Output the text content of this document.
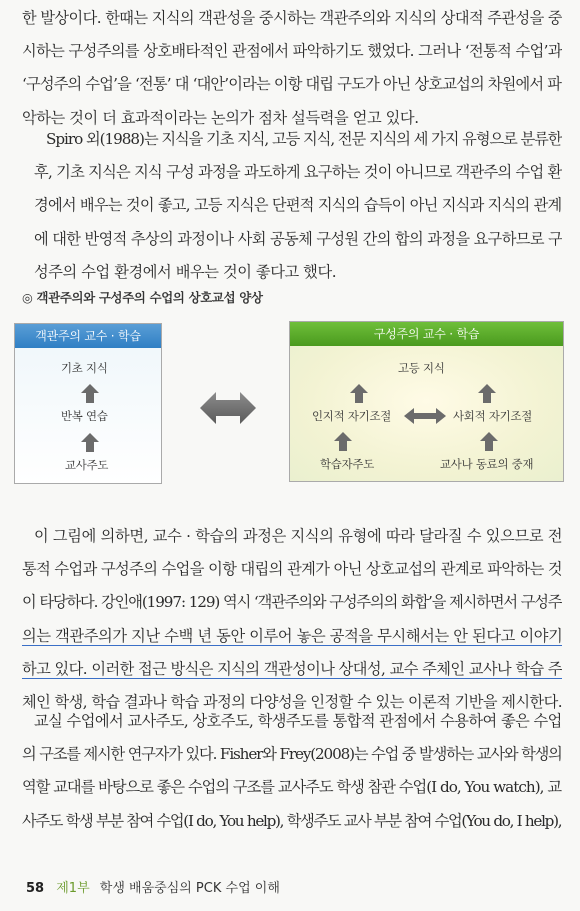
한 발상이다. 한때는 지식의 객관성을 중시하는 객관주의와 지식의 상대적 주관성을 중
시하는 구성주의를 상호배타적인 관점에서 파악하기도 했었다. 그러나 ‘전통적 수업’과
‘구성주의 수업’을 ‘전통’ 대 ‘대안’이라는 이항 대립 구도가 아닌 상호교섭의 차원에서 파
악하는 것이 더 효과적이라는 논의가 점차 설득력을 얻고 있다.
Spiro 외(1988)는 지식을 기초 지식, 고등 지식, 전문 지식의 세 가지 유형으로 분류한
후, 기초 지식은 지식 구성 과정을 과도하게 요구하는 것이 아니므로 객관주의 수업 환
경에서 배우는 것이 좋고, 고등 지식은 단편적 지식의 습득이 아닌 지식과 지식의 관계
에 대한 반영적 추상의 과정이나 사회 공동체 구성원 간의 합의 과정을 요구하므로 구
성주의 수업 환경에서 배우는 것이 좋다고 했다.
◎ 객관주의와 구성주의 수업의 상호교섭 양상
객관주의 교수 · 학습
기초 지식
반복 연습
교사주도
구성주의 교수 · 학습
고등 지식
인지적 자기조절	사회적 자기조절
학습자주도	교사나 동료의 중재
이 그림에 의하면, 교수 · 학습의 과정은 지식의 유형에 따라 달라질 수 있으므로 전
통적 수업과 구성주의 수업을 이항 대립의 관계가 아닌 상호교섭의 관계로 파악하는 것
이 타당하다. 강인애(1997: 129) 역시 ‘객관주의와 구성주의의 화합’을 제시하면서 구성주
의는 객관주의가 지난 수백 년 동안 이루어 놓은 공적을 무시해서는 안 된다고 이야기
하고 있다. 이러한 접근 방식은 지식의 객관성이나 상대성, 교수 주체인 교사나 학습 주
체인 학생, 학습 결과나 학습 과정의 다양성을 인정할 수 있는 이론적 기반을 제시한다.
교실 수업에서 교사주도, 상호주도, 학생주도를 통합적 관점에서 수용하여 좋은 수업
의 구조를 제시한 연구자가 있다. Fisher와 Frey(2008)는 수업 중 발생하는 교사와 학생의
역할 교대를 바탕으로 좋은 수업의 구조를 교사주도 학생 참관 수업(I do, You watch), 교
사주도 학생 부분 참여 수업(I do, You help), 학생주도 교사 부분 참여 수업(You do, I help),
58 제1부 학생 배움중심의 PCK 수업 이해
